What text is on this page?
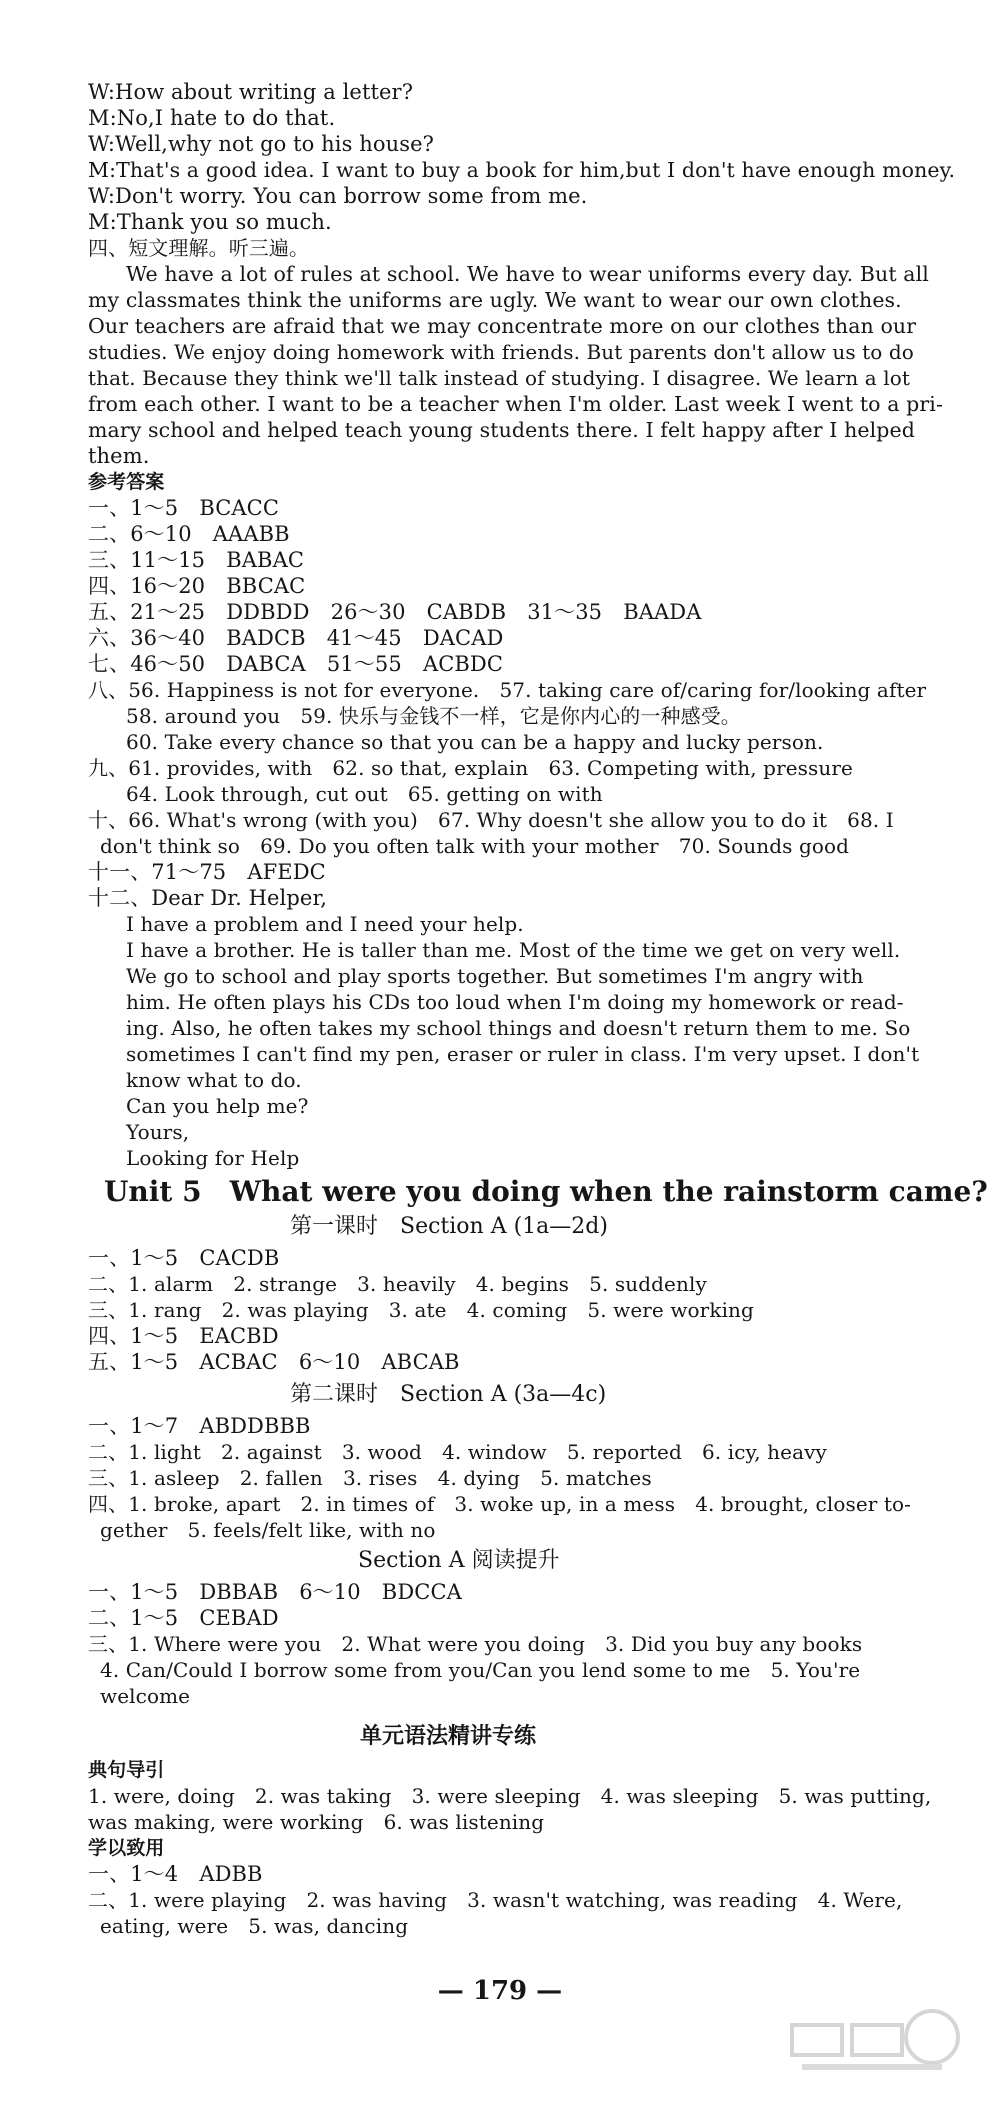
W:How about writing a letter?
M:No,I hate to do that.
W:Well,why not go to his house?
M:That's a good idea. I want to buy a book for him,but I don't have enough money.
W:Don't worry. You can borrow some from me.
M:Thank you so much.
四、短文理解。听三遍。
We have a lot of rules at school. We have to wear uniforms every day. But all
my classmates think the uniforms are ugly. We want to wear our own clothes.
Our teachers are afraid that we may concentrate more on our clothes than our
studies. We enjoy doing homework with friends. But parents don't allow us to do
that. Because they think we'll talk instead of studying. I disagree. We learn a lot
from each other. I want to be a teacher when I'm older. Last week I went to a pri-
mary school and helped teach young students there. I felt happy after I helped
them.
参考答案
一、1～5　BCACC
二、6～10　AAABB
三、11～15　BABAC
四、16～20　BBCAC
五、21～25　DDBDD　26～30　CABDB　31～35　BAADA
六、36～40　BADCB　41～45　DACAD
七、46～50　DABCA　51～55　ACBDC
八、56. Happiness is not for everyone.　57. taking care of/caring for/looking after
58. around you　59. 快乐与金钱不一样，它是你内心的一种感受。
60. Take every chance so that you can be a happy and lucky person.
九、61. provides, with　62. so that, explain　63. Competing with, pressure
64. Look through, cut out　65. getting on with
十、66. What's wrong (with you)　67. Why doesn't she allow you to do it　68. I
don't think so　69. Do you often talk with your mother　70. Sounds good
十一、71～75　AFEDC
十二、Dear Dr. Helper,
I have a problem and I need your help.
I have a brother. He is taller than me. Most of the time we get on very well.
We go to school and play sports together. But sometimes I'm angry with
him. He often plays his CDs too loud when I'm doing my homework or read-
ing. Also, he often takes my school things and doesn't return them to me. So
sometimes I can't find my pen, eraser or ruler in class. I'm very upset. I don't
know what to do.
Can you help me?
Yours,
Looking for Help
Unit 5　What were you doing when the rainstorm came?
第一课时　Section A (1a—2d)
一、1～5　CACDB
二、1. alarm　2. strange　3. heavily　4. begins　5. suddenly
三、1. rang　2. was playing　3. ate　4. coming　5. were working
四、1～5　EACBD
五、1～5　ACBAC　6～10　ABCAB
第二课时　Section A (3a—4c)
一、1～7　ABDDBBB
二、1. light　2. against　3. wood　4. window　5. reported　6. icy, heavy
三、1. asleep　2. fallen　3. rises　4. dying　5. matches
四、1. broke, apart　2. in times of　3. woke up, in a mess　4. brought, closer to-
gether　5. feels/felt like, with no
Section A 阅读提升
一、1～5　DBBAB　6～10　BDCCA
二、1～5　CEBAD
三、1. Where were you　2. What were you doing　3. Did you buy any books
4. Can/Could I borrow some from you/Can you lend some to me　5. You're
welcome
单元语法精讲专练
典句导引
1. were, doing　2. was taking　3. were sleeping　4. was sleeping　5. was putting,
was making, were working　6. was listening
学以致用
一、1～4　ADBB
二、1. were playing　2. was having　3. wasn't watching, was reading　4. Were,
eating, were　5. was, dancing
— 179 —
